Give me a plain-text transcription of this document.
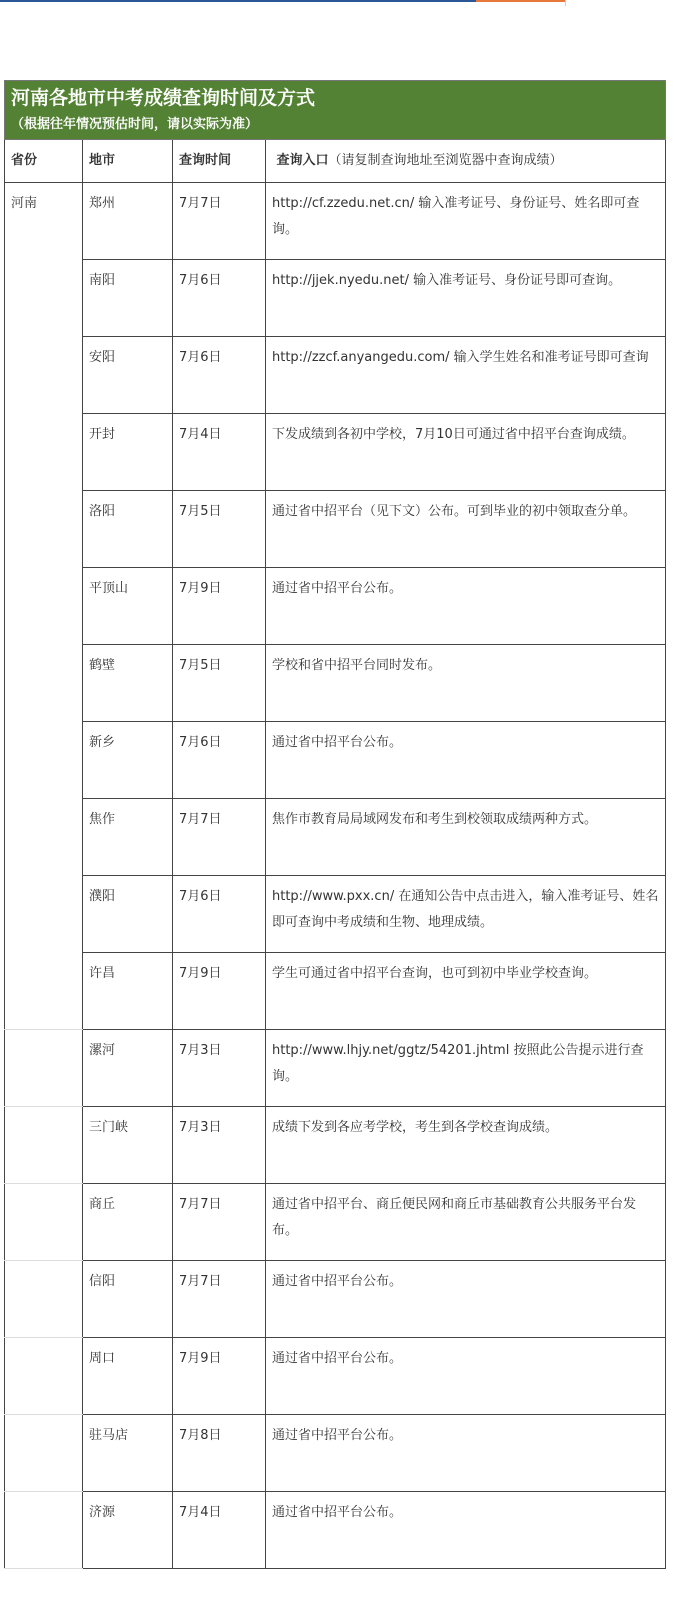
河南各地市中考成绩查询时间及方式
（根据往年情况预估时间，请以实际为准）			

省份	地市	查询时间	查询入口（请复制查询地址至浏览器中查询成绩）
河南	郑州	7月7日	http://cf.zzedu.net.cn/ 输入准考证号、身份证号、姓名即可查询。
	南阳	7月6日	http://jjek.nyedu.net/ 输入准考证号、身份证号即可查询。
	安阳	7月6日	http://zzcf.anyangedu.com/ 输入学生姓名和准考证号即可查询
	开封	7月4日	下发成绩到各初中学校，7月10日可通过省中招平台查询成绩。
	洛阳	7月5日	通过省中招平台（见下文）公布。可到毕业的初中领取查分单。
	平顶山	7月9日	通过省中招平台公布。
	鹤壁	7月5日	学校和省中招平台同时发布。
	新乡	7月6日	通过省中招平台公布。
	焦作	7月7日	焦作市教育局局域网发布和考生到校领取成绩两种方式。
	濮阳	7月6日	http://www.pxx.cn/ 在通知公告中点击进入，输入准考证号、姓名即可查询中考成绩和生物、地理成绩。
	许昌	7月9日	学生可通过省中招平台查询，也可到初中毕业学校查询。
	漯河	7月3日	http://www.lhjy.net/ggtz/54201.jhtml 按照此公告提示进行查询。
	三门峡	7月3日	成绩下发到各应考学校，考生到各学校查询成绩。
	商丘	7月7日	通过省中招平台、商丘便民网和商丘市基础教育公共服务平台发布。
	信阳	7月7日	通过省中招平台公布。
	周口	7月9日	通过省中招平台公布。
	驻马店	7月8日	通过省中招平台公布。
	济源	7月4日	通过省中招平台公布。
